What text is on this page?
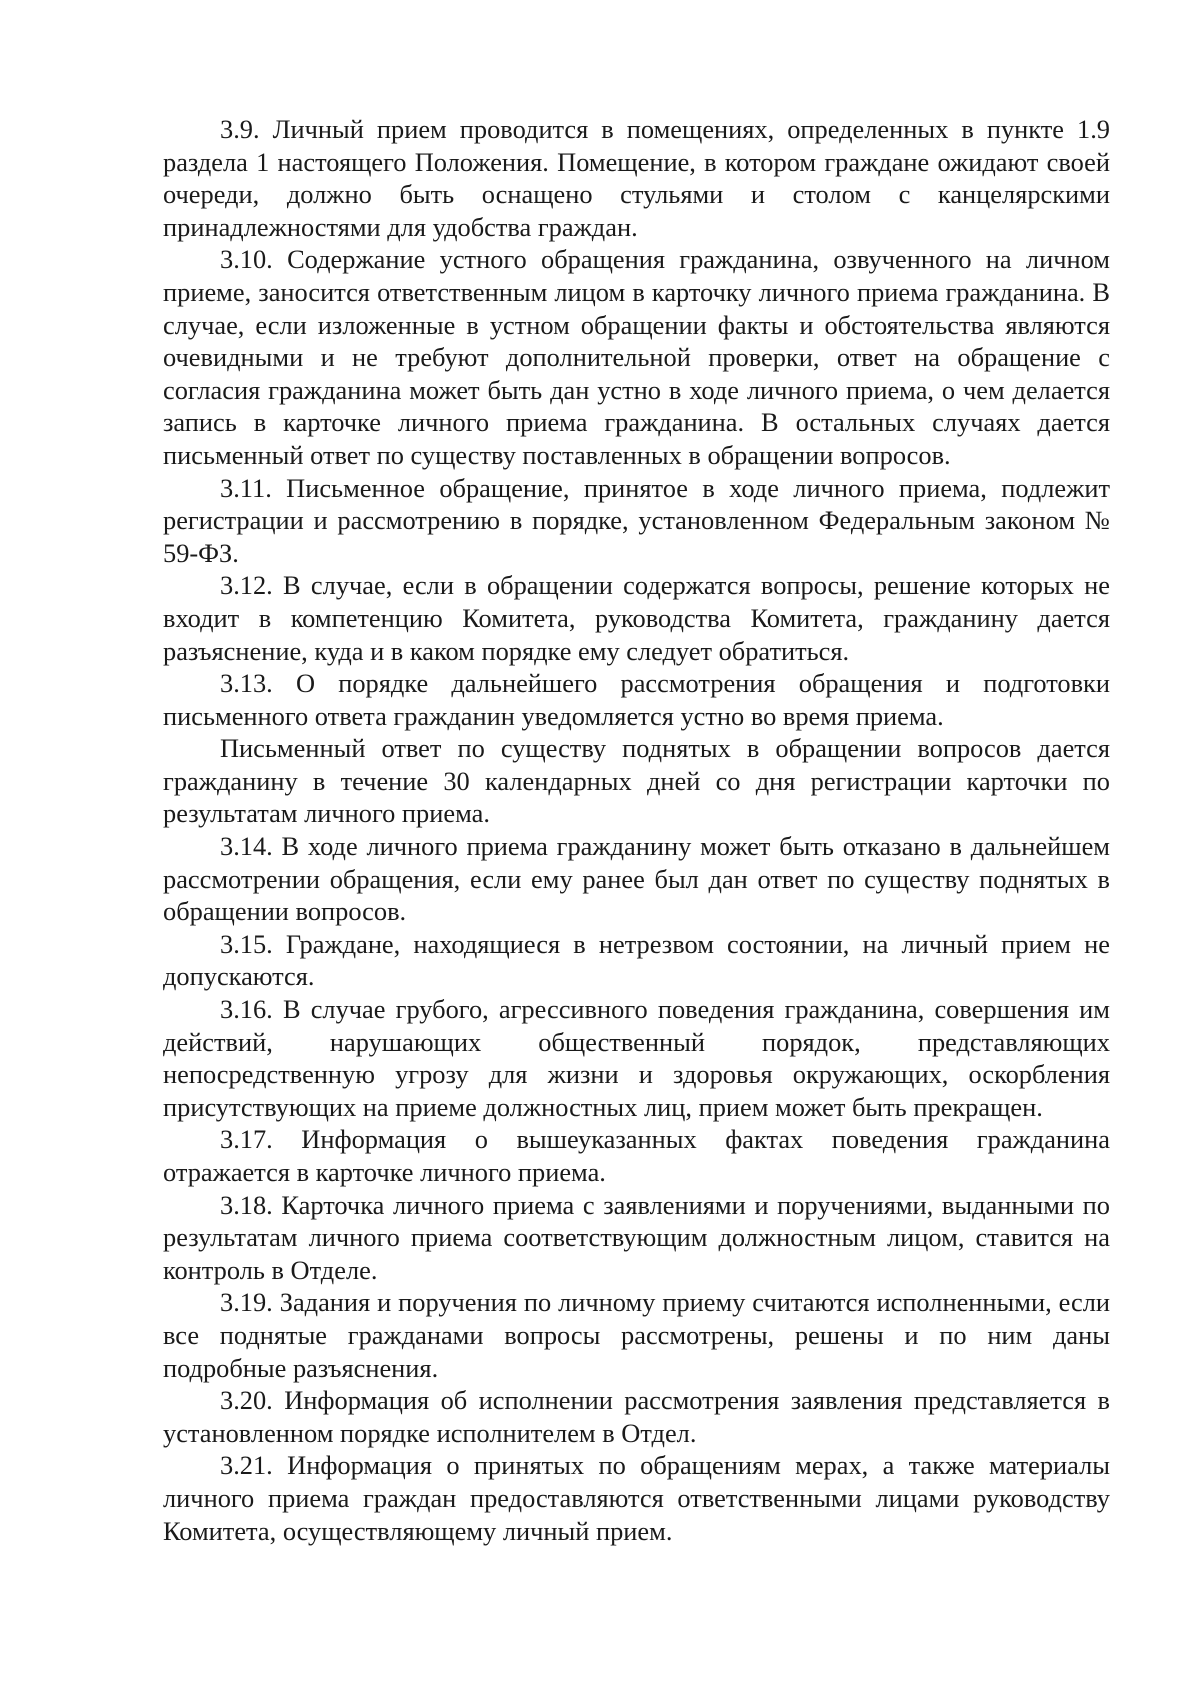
3.9. Личный прием проводится в помещениях, определенных в пункте 1.9 раздела 1 настоящего Положения. Помещение, в котором граждане ожидают своей очереди, должно быть оснащено стульями и столом с канцелярскими принадлежностями для удобства граждан.

3.10. Содержание устного обращения гражданина, озвученного на личном приеме, заносится ответственным лицом в карточку личного приема гражданина. В случае, если изложенные в устном обращении факты и обстоятельства являются очевидными и не требуют дополнительной проверки, ответ на обращение с согласия гражданина может быть дан устно в ходе личного приема, о чем делается запись в карточке личного приема гражданина. В остальных случаях дается письменный ответ по существу поставленных в обращении вопросов.

3.11. Письменное обращение, принятое в ходе личного приема, подлежит регистрации и рассмотрению в порядке, установленном Федеральным законом № 59-ФЗ.

3.12. В случае, если в обращении содержатся вопросы, решение которых не входит в компетенцию Комитета, руководства Комитета, гражданину дается разъяснение, куда и в каком порядке ему следует обратиться.

3.13. О порядке дальнейшего рассмотрения обращения и подготовки письменного ответа гражданин уведомляется устно во время приема.

Письменный ответ по существу поднятых в обращении вопросов дается гражданину в течение 30 календарных дней со дня регистрации карточки по результатам личного приема.

3.14. В ходе личного приема гражданину может быть отказано в дальнейшем рассмотрении обращения, если ему ранее был дан ответ по существу поднятых в обращении вопросов.

3.15. Граждане, находящиеся в нетрезвом состоянии, на личный прием не допускаются.

3.16. В случае грубого, агрессивного поведения гражданина, совершения им действий, нарушающих общественный порядок, представляющих непосредственную угрозу для жизни и здоровья окружающих, оскорбления присутствующих на приеме должностных лиц, прием может быть прекращен.

3.17. Информация о вышеуказанных фактах поведения гражданина отражается в карточке личного приема.

3.18. Карточка личного приема с заявлениями и поручениями, выданными по результатам личного приема соответствующим должностным лицом, ставится на контроль в Отделе.

3.19. Задания и поручения по личному приему считаются исполненными, если все поднятые гражданами вопросы рассмотрены, решены и по ним даны подробные разъяснения.

3.20. Информация об исполнении рассмотрения заявления представляется в установленном порядке исполнителем в Отдел.

3.21. Информация о принятых по обращениям мерах, а также материалы личного приема граждан предоставляются ответственными лицами руководству Комитета, осуществляющему личный прием.
